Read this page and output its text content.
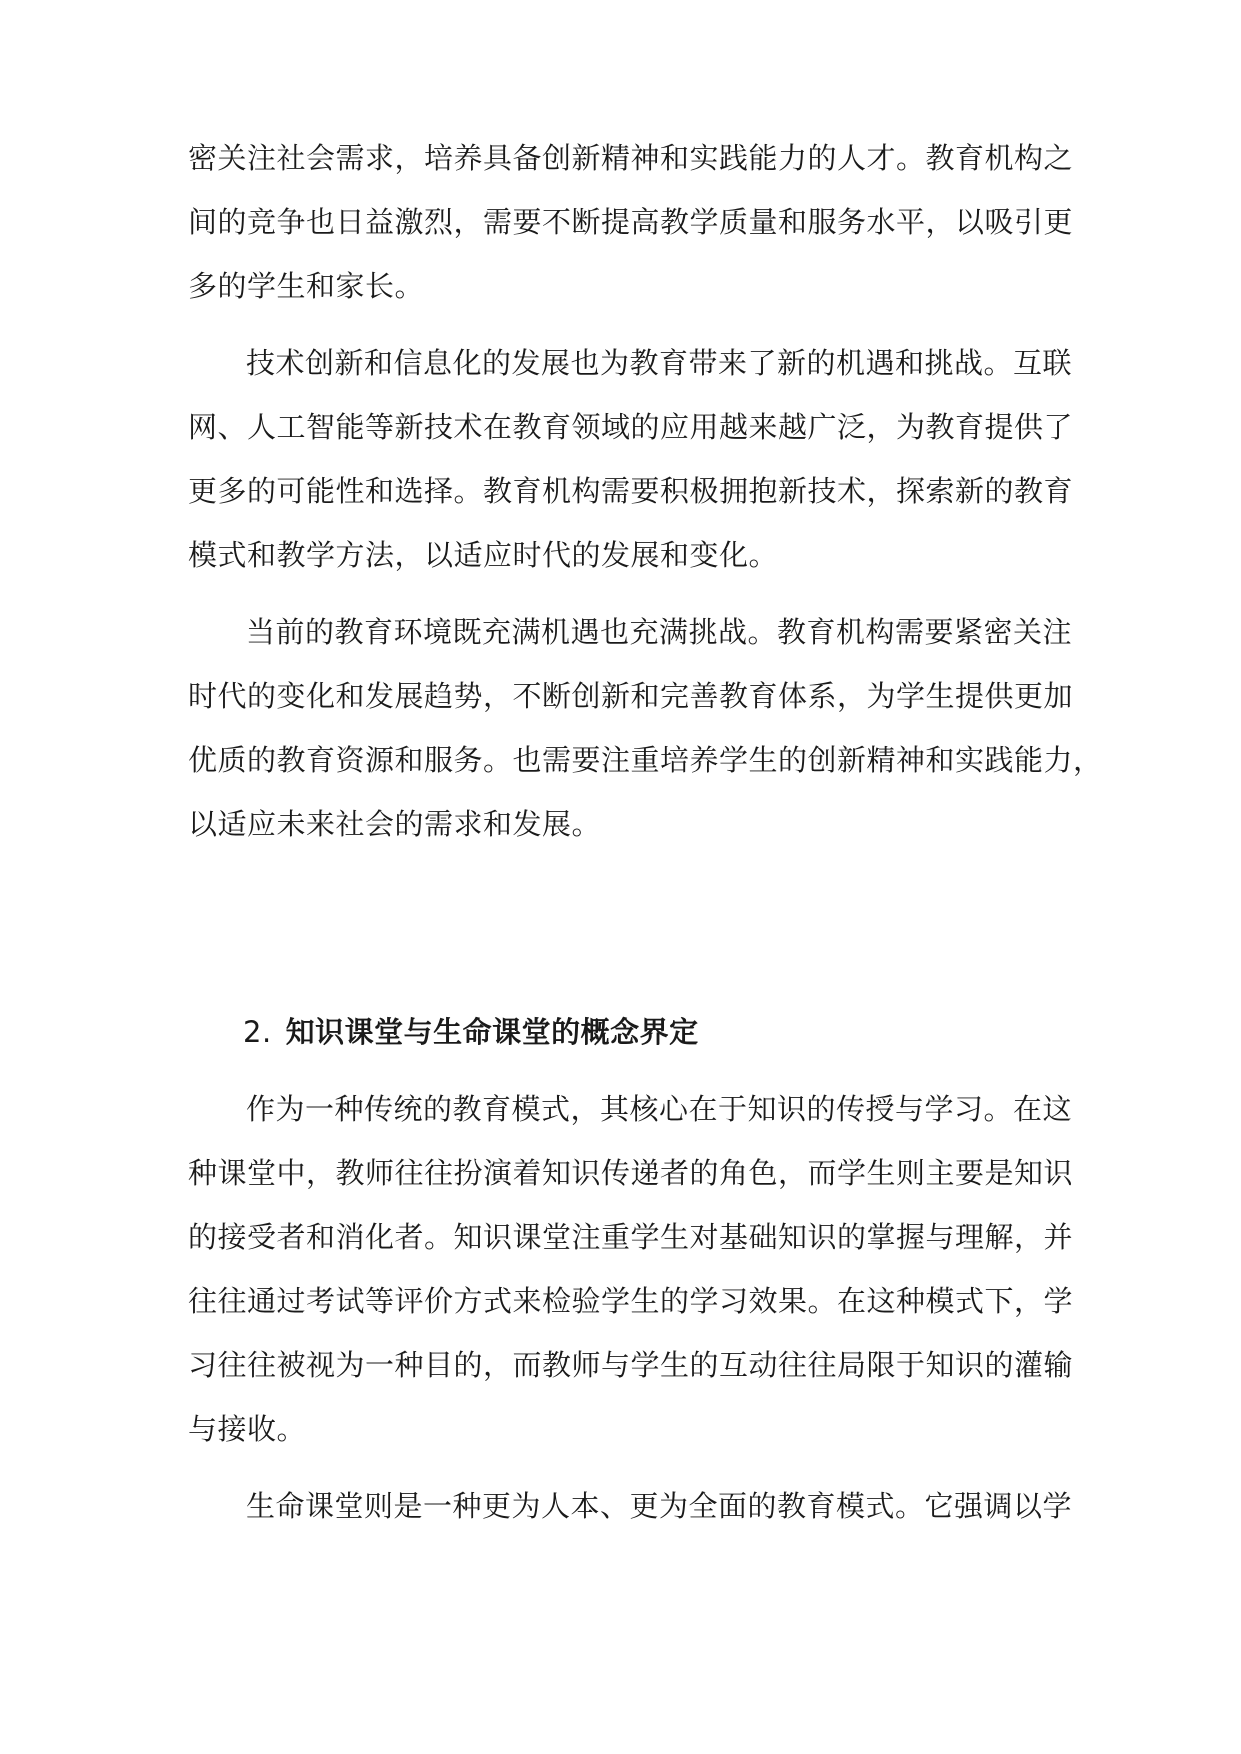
密关注社会需求，培养具备创新精神和实践能力的人才。教育机构之

间的竞争也日益激烈，需要不断提高教学质量和服务水平，以吸引更

多的学生和家长。

技术创新和信息化的发展也为教育带来了新的机遇和挑战。互联

网、人工智能等新技术在教育领域的应用越来越广泛，为教育提供了

更多的可能性和选择。教育机构需要积极拥抱新技术，探索新的教育

模式和教学方法，以适应时代的发展和变化。

当前的教育环境既充满机遇也充满挑战。教育机构需要紧密关注

时代的变化和发展趋势，不断创新和完善教育体系，为学生提供更加

优质的教育资源和服务。也需要注重培养学生的创新精神和实践能力，

以适应未来社会的需求和发展。

2. 知识课堂与生命课堂的概念界定

作为一种传统的教育模式，其核心在于知识的传授与学习。在这

种课堂中，教师往往扮演着知识传递者的角色，而学生则主要是知识

的接受者和消化者。知识课堂注重学生对基础知识的掌握与理解，并

往往通过考试等评价方式来检验学生的学习效果。在这种模式下，学

习往往被视为一种目的，而教师与学生的互动往往局限于知识的灌输

与接收。

生命课堂则是一种更为人本、更为全面的教育模式。它强调以学
